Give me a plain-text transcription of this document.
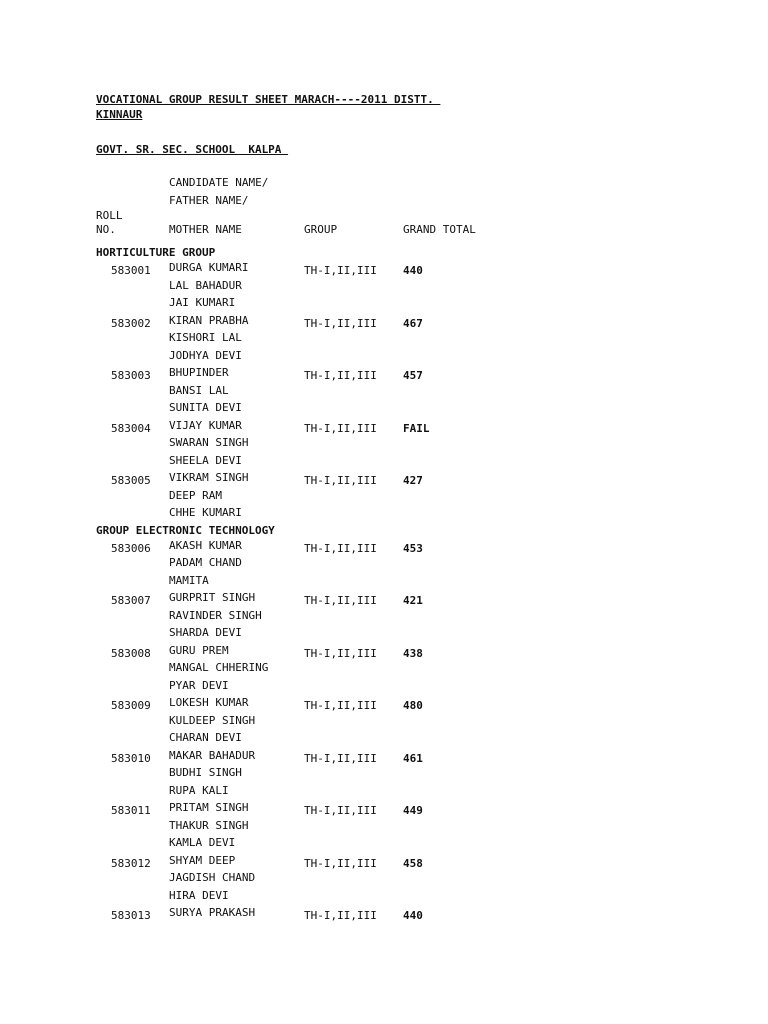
VOCATIONAL GROUP RESULT SHEET MARACH----2011 DISTT.
KINNAUR
GOVT. SR. SEC. SCHOOL  KALPA
CANDIDATE NAME/
FATHER NAME/
ROLL
NO.	MOTHER NAME	GROUP	GRAND TOTAL
HORTICULTURE GROUP
583001 DURGA KUMARI
LAL BAHADUR
JAI KUMARI
TH-I,II,III 440
583002 KIRAN PRABHA
KISHORI LAL
JODHYA DEVI
TH-I,II,III 467
583003 BHUPINDER
BANSI LAL
SUNITA DEVI
TH-I,II,III 457
583004 VIJAY KUMAR
SWARAN SINGH
SHEELA DEVI
TH-I,II,III FAIL
583005 VIKRAM SINGH
DEEP RAM
CHHE KUMARI
TH-I,II,III 427
GROUP ELECTRONIC TECHNOLOGY
583006 AKASH KUMAR
PADAM CHAND
MAMITA
TH-I,II,III 453
583007 GURPRIT SINGH
RAVINDER SINGH
SHARDA DEVI
TH-I,II,III 421
583008 GURU PREM
MANGAL CHHERING
PYAR DEVI
TH-I,II,III 438
583009 LOKESH KUMAR
KULDEEP SINGH
CHARAN DEVI
TH-I,II,III 480
583010 MAKAR BAHADUR
BUDHI SINGH
RUPA KALI
TH-I,II,III 461
583011 PRITAM SINGH
THAKUR SINGH
KAMLA DEVI
TH-I,II,III 449
583012 SHYAM DEEP
JAGDISH CHAND
HIRA DEVI
TH-I,II,III 458
583013 SURYA PRAKASH	TH-I,II,III 440
